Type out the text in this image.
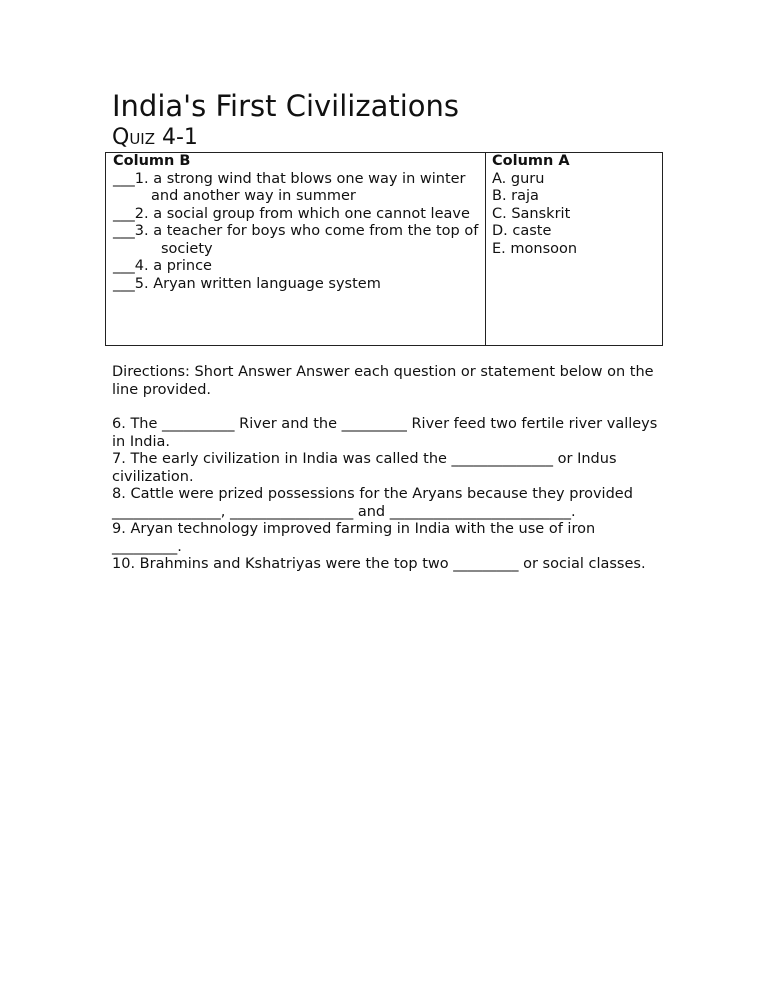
India's First Civilizations
Quiz 4-1
Column B
___1. a strong wind that blows one way in winter
and another way in summer
___2. a social group from which one cannot leave
___3. a teacher for boys who come from the top of
society
___4. a prince
___5. Aryan written language system
Column A
A. guru
B. raja
C. Sanskrit
D. caste
E. monsoon
Directions: Short Answer Answer each question or statement below on the line provided.

6. The __________ River and the _________ River feed two fertile river valleys in India.

7. The early civilization in India was called the ______________ or Indus civilization.

8. Cattle were prized possessions for the Aryans because they provided _______________, _________________ and _________________________.

9. Aryan technology improved farming in India with the use of iron _________.

10. Brahmins and Kshatriyas were the top two _________ or social classes.
